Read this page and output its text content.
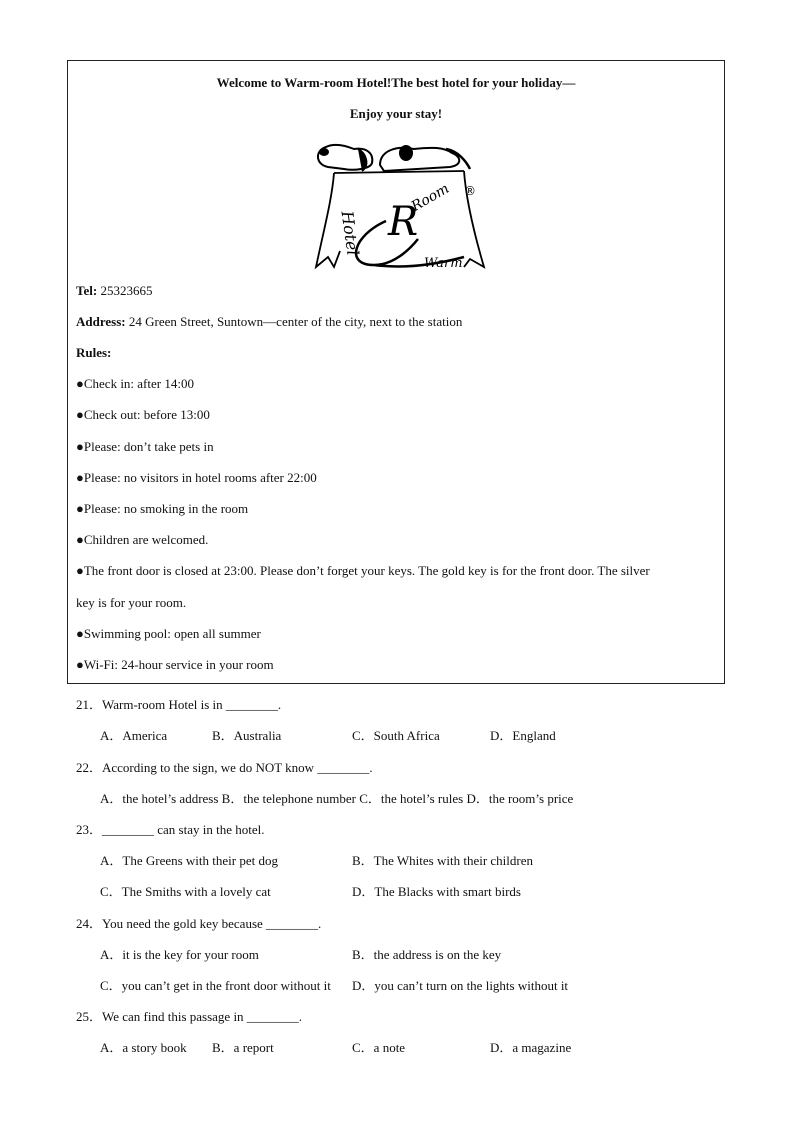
Welcome to Warm-room Hotel!The best hotel for your holiday—
Enjoy your stay!
Hotel R
Room
Warm
®
Tel: 25323665
Address: 24 Green Street, Suntown—center of the city, next to the station
Rules:
●Check in: after 14:00
●Check out: before 13:00
●Please: don’t take pets in
●Please: no visitors in hotel rooms after 22:00
●Please: no smoking in the room
●Children are welcomed.
●The front door is closed at 23:00. Please don’t forget your keys. The gold key is for the front door. The silver
key is for your room.
●Swimming pool: open all summer
●Wi-Fi: 24-hour service in your room
21．Warm-room Hotel is in ________.
A．America	B．Australia	C．South Africa	D．England
22．According to the sign, we do NOT know ________.
A．the hotel’s address B．the telephone number C．the hotel’s rules D．the room’s price
23．________ can stay in the hotel.
A．The Greens with their pet dog	B．The Whites with their children
C．The Smiths with a lovely cat	D．The Blacks with smart birds
24．You need the gold key because ________.
A．it is the key for your room	B．the address is on the key
C．you can’t get in the front door without it D．you can’t turn on the lights without it
25．We can find this passage in ________.
A．a story book B．a report	C．a note	D．a magazine
